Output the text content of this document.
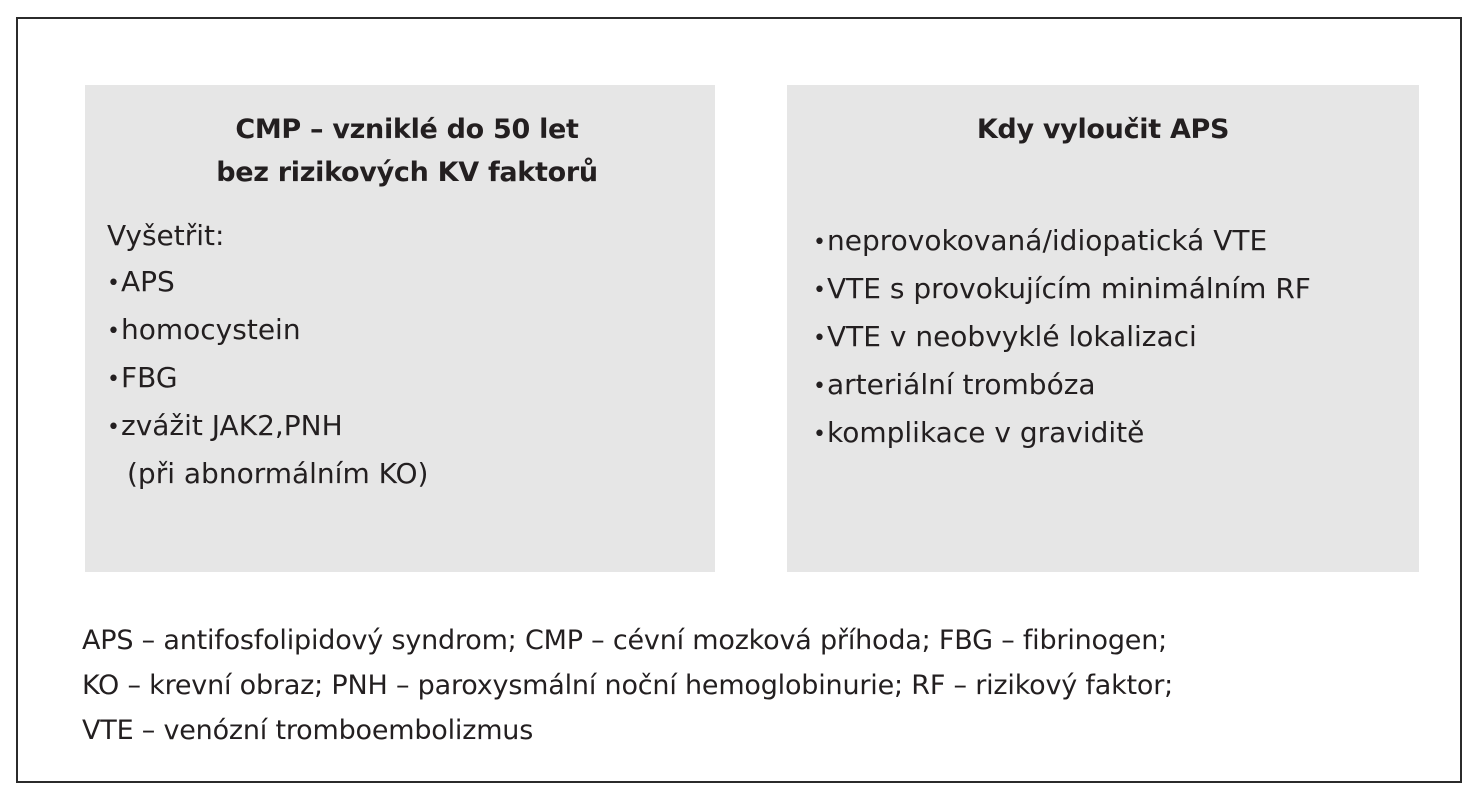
CMP – vzniklé do 50 let
bez rizikových KV faktorů
Vyšetřit:
•APS
•homocystein
•FBG
•zvážit JAK2,PNH
(při abnormálním KO)
Kdy vyloučit APS
•neprovokovaná/idiopatická VTE
•VTE s provokujícím minimálním RF
•VTE v neobvyklé lokalizaci
•arteriální trombóza
•komplikace v graviditě
APS – antifosfolipidový syndrom; CMP – cévní mozková příhoda; FBG – fibrinogen;
KO – krevní obraz; PNH – paroxysmální noční hemoglobinurie; RF – rizikový faktor;
VTE – venózní tromboembolizmus
